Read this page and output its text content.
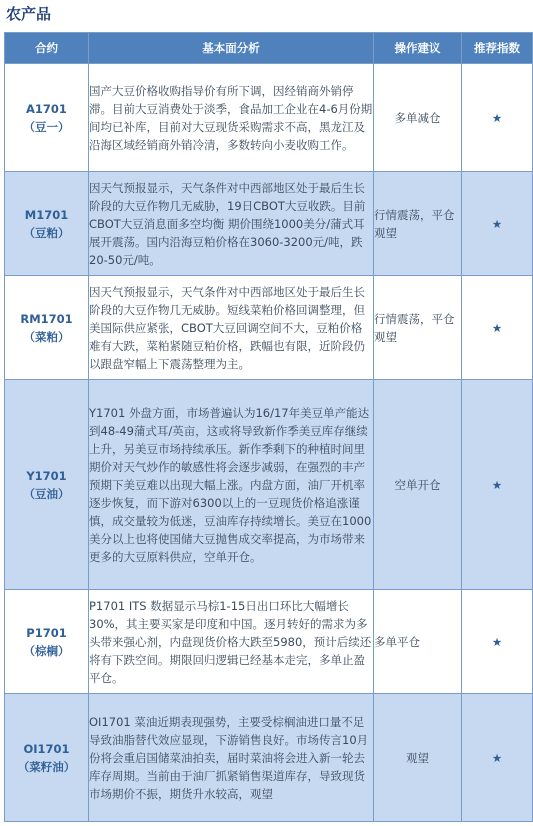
农产品
合约	基本面分析	操作建议	推荐指数

A1701
（豆一）	国产大豆价格收购指导价有所下调，因经销商外销停滞。目前大豆消费处于淡季，食品加工企业在4-6月份期间均已补库，目前对大豆现货采购需求不高，黑龙江及沿海区域经销商外销冷清，多数转向小麦收购工作。	多单减仓	★

M1701
（豆粕）	因天气预报显示，天气条件对中西部地区处于最后生长阶段的大豆作物几无威胁，19日CBOT大豆收跌。目前CBOT大豆消息面多空均衡 期价围绕1000美分/蒲式耳展开震荡。国内沿海豆粕价格在3060-3200元/吨，跌20-50元/吨。	行情震荡，平仓观望	★

RM1701
（菜粕）	因天气预报显示，天气条件对中西部地区处于最后生长阶段的大豆作物几无威胁。短线菜粕价格回调整理，但美国际供应紧张，CBOT大豆回调空间不大，豆粕价格难有大跌，菜粕紧随豆粕价格，跌幅也有限，近阶段仍以跟盘窄幅上下震荡整理为主。	行情震荡，平仓观望	★

Y1701
（豆油）	Y1701 外盘方面，市场普遍认为16/17年美豆单产能达到48-49蒲式耳/英亩，这或将导致新作季美豆库存继续上升，另美豆市场持续承压。新作季剩下的种植时间里期价对天气炒作的敏感性将会逐步减弱，在强烈的丰产预期下美豆难以出现大幅上涨。内盘方面，油厂开机率逐步恢复，而下游对6300以上的一豆现货价格追涨谨慎，成交量较为低迷，豆油库存持续增长。美豆在1000美分以上也将使国储大豆抛售成交率提高，为市场带来更多的大豆原料供应，空单开仓。	空单开仓	★

P1701
（棕榈）	P1701 ITS 数据显示马棕1-15日出口环比大幅增长30%，其主要买家是印度和中国。逐月转好的需求为多头带来强心剂，内盘现货价格大跌至5980，预计后续还将有下跌空间。期限回归逻辑已经基本走完，多单止盈平仓。	多单平仓	★

OI1701
（菜籽油）	OI1701 菜油近期表现强势，主要受棕榈油进口量不足导致油脂替代效应显现，下游销售良好。市场传言10月份将会重启国储菜油拍卖，届时菜油将会进入新一轮去库存周期。当前由于油厂抓紧销售渠道库存，导致现货市场期价不振，期货升水较高，观望	观望	★
